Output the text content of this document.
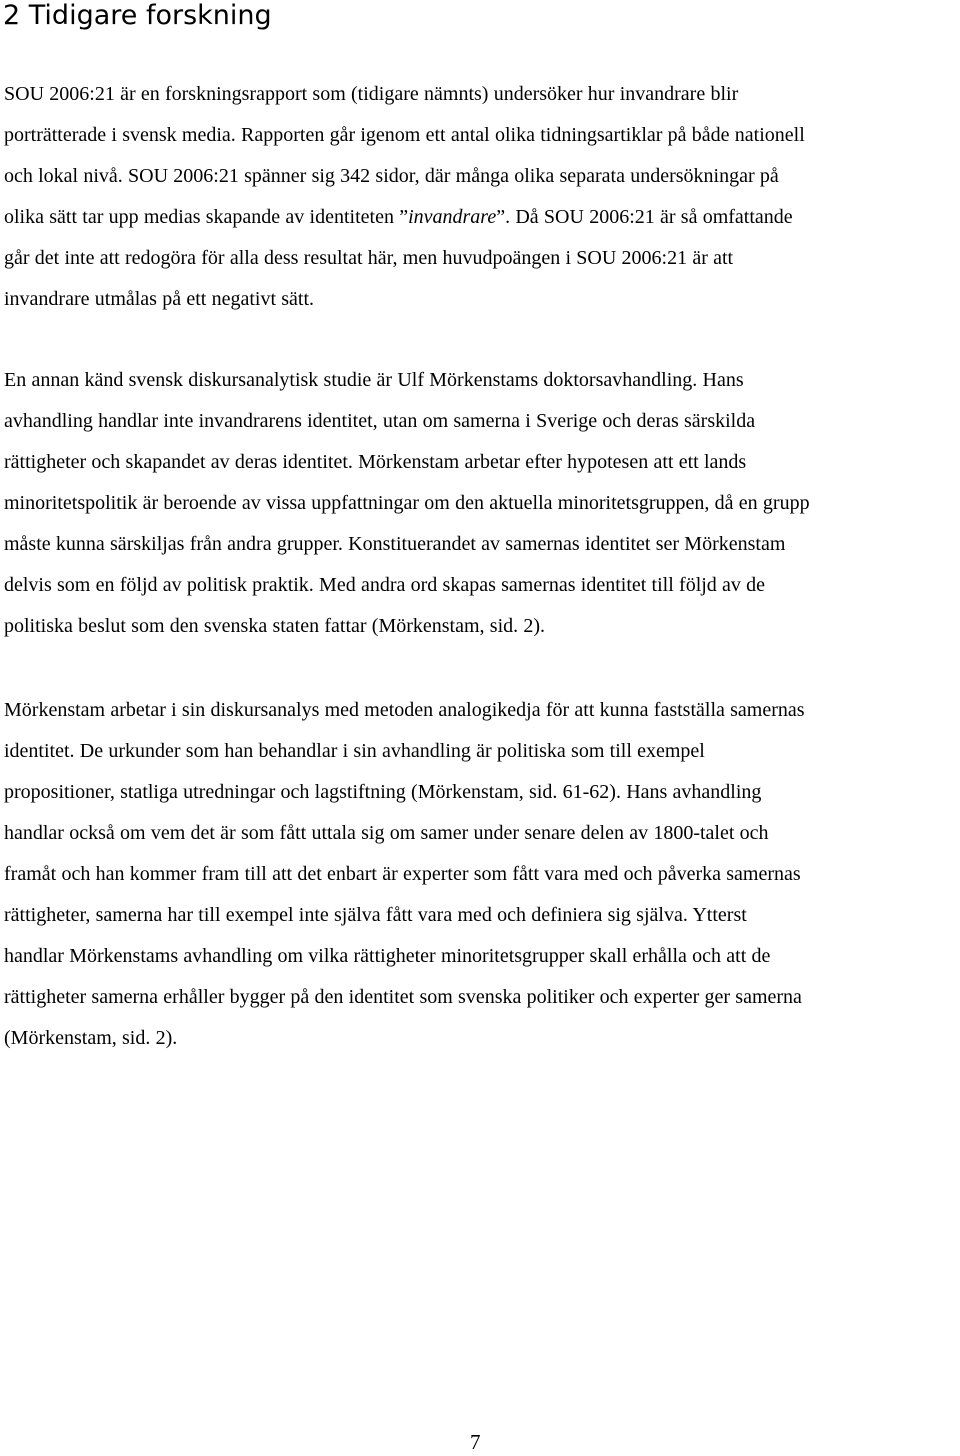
2 Tidigare forskning
SOU 2006:21 är en forskningsrapport som (tidigare nämnts) undersöker hur invandrare blir
porträtterade i svensk media. Rapporten går igenom ett antal olika tidningsartiklar på både nationell
och lokal nivå. SOU 2006:21 spänner sig 342 sidor, där många olika separata undersökningar på
olika sätt tar upp medias skapande av identiteten ”invandrare”. Då SOU 2006:21 är så omfattande
går det inte att redogöra för alla dess resultat här, men huvudpoängen i SOU 2006:21 är att
invandrare utmålas på ett negativt sätt.
En annan känd svensk diskursanalytisk studie är Ulf Mörkenstams doktorsavhandling. Hans
avhandling handlar inte invandrarens identitet, utan om samerna i Sverige och deras särskilda
rättigheter och skapandet av deras identitet. Mörkenstam arbetar efter hypotesen att ett lands
minoritetspolitik är beroende av vissa uppfattningar om den aktuella minoritetsgruppen, då en grupp
måste kunna särskiljas från andra grupper. Konstituerandet av samernas identitet ser Mörkenstam
delvis som en följd av politisk praktik. Med andra ord skapas samernas identitet till följd av de
politiska beslut som den svenska staten fattar (Mörkenstam, sid. 2).
Mörkenstam arbetar i sin diskursanalys med metoden analogikedja för att kunna fastställa samernas
identitet. De urkunder som han behandlar i sin avhandling är politiska som till exempel
propositioner, statliga utredningar och lagstiftning (Mörkenstam, sid. 61-62). Hans avhandling
handlar också om vem det är som fått uttala sig om samer under senare delen av 1800-talet och
framåt och han kommer fram till att det enbart är experter som fått vara med och påverka samernas
rättigheter, samerna har till exempel inte själva fått vara med och definiera sig själva. Ytterst
handlar Mörkenstams avhandling om vilka rättigheter minoritetsgrupper skall erhålla och att de
rättigheter samerna erhåller bygger på den identitet som svenska politiker och experter ger samerna
(Mörkenstam, sid. 2).
7
